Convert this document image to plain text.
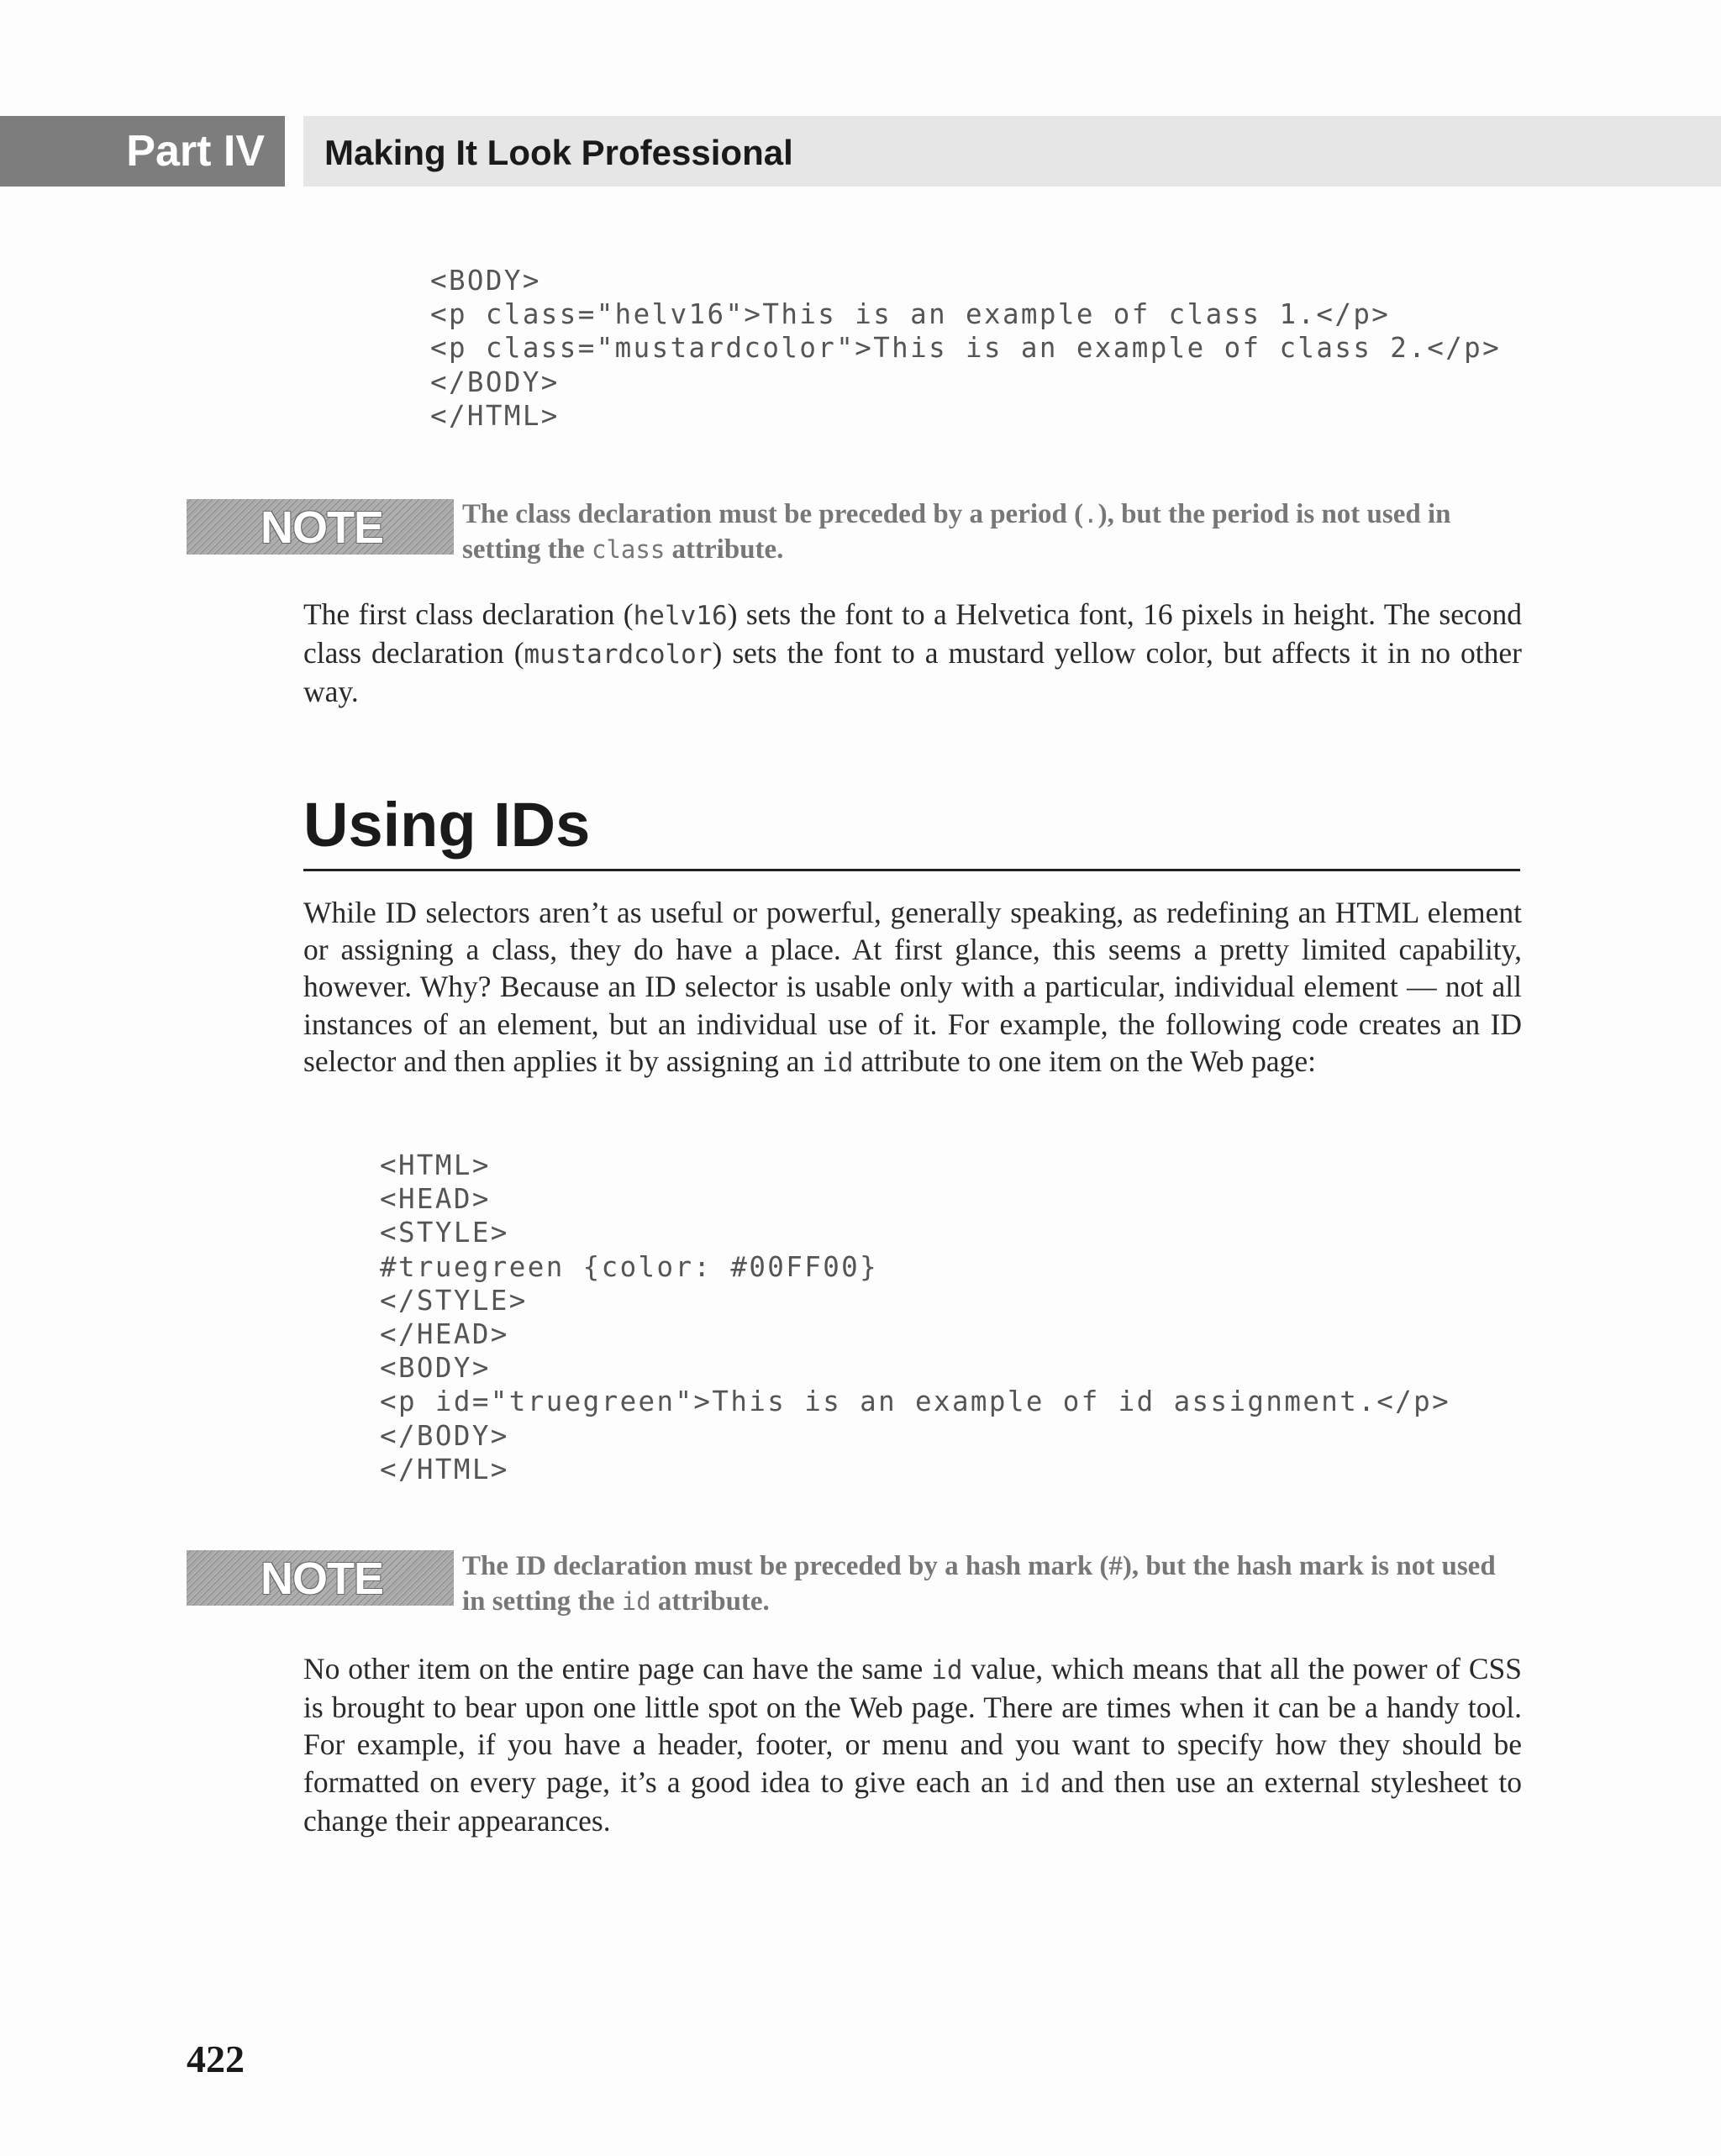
Part IV	Making It Look Professional
<BODY>
<p class="helv16">This is an example of class 1.</p>
<p class="mustardcolor">This is an example of class 2.</p>
</BODY>
</HTML>
NOTE	The class declaration must be preceded by a period (.), but the period is not used in setting the class attribute.

The first class declaration (helv16) sets the font to a Helvetica font, 16 pixels in height. The second class declaration (mustardcolor) sets the font to a mustard yellow color, but affects it in no other way.

Using IDs

While ID selectors aren’t as useful or powerful, generally speaking, as redefining an HTML element or assigning a class, they do have a place. At first glance, this seems a pretty limited capability, however. Why? Because an ID selector is usable only with a particular, individual element — not all instances of an element, but an individual use of it. For example, the following code creates an ID selector and then applies it by assigning an id attribute to one item on the Web page:

<HTML>
<HEAD>
<STYLE>
#truegreen {color: #00FF00}
</STYLE>
</HEAD>
<BODY>
<p id="truegreen">This is an example of id assignment.</p>
</BODY>
</HTML>
NOTE	The ID declaration must be preceded by a hash mark (#), but the hash mark is not used in setting the id attribute.

No other item on the entire page can have the same id value, which means that all the power of CSS is brought to bear upon one little spot on the Web page. There are times when it can be a handy tool. For example, if you have a header, footer, or menu and you want to specify how they should be formatted on every page, it’s a good idea to give each an id and then use an external stylesheet to change their appearances.

422
